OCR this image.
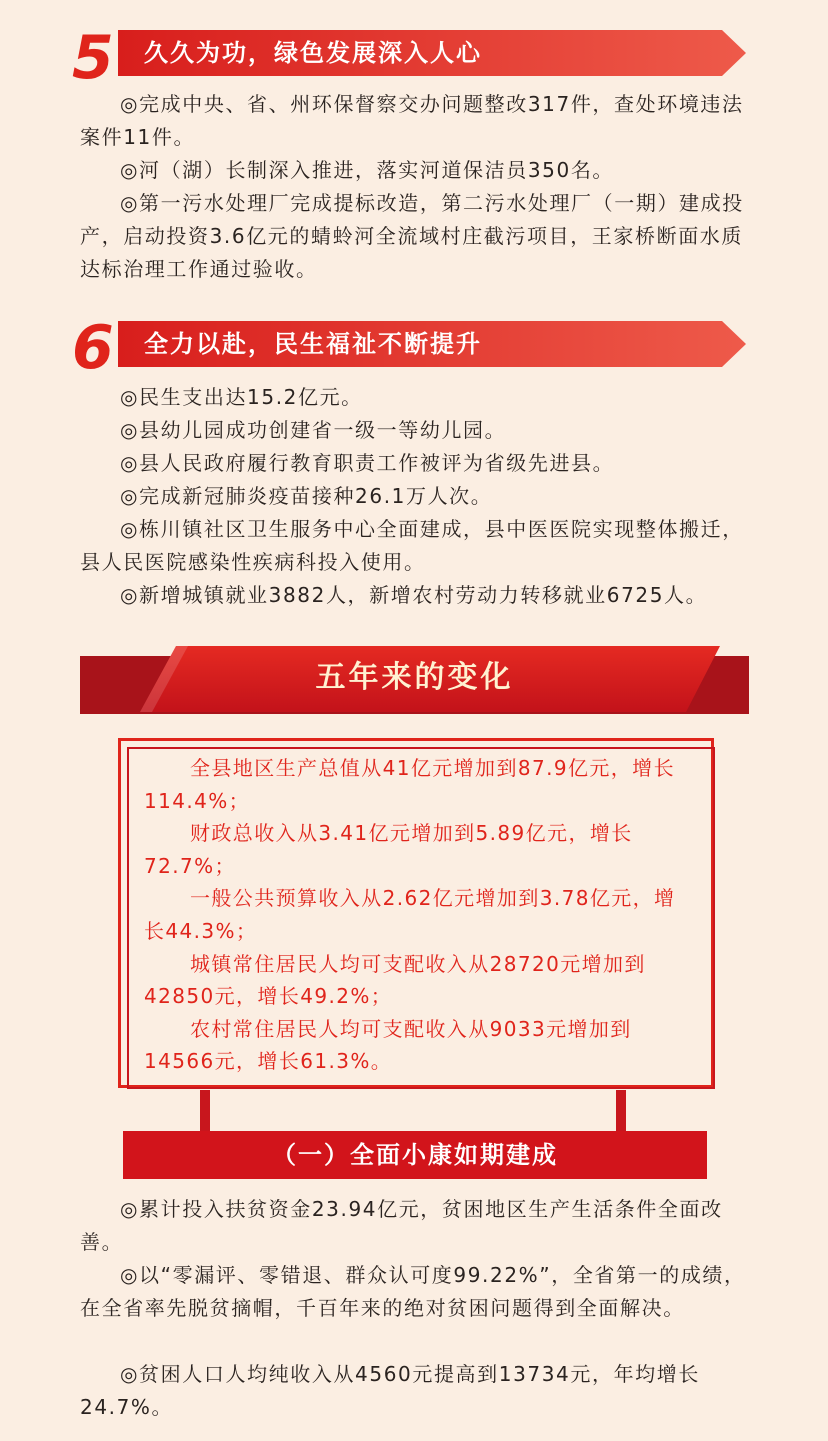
5 久久为功，绿色发展深入人心

◎完成中央、省、州环保督察交办问题整改317件，查处环境违法案件11件。

◎河（湖）长制深入推进，落实河道保洁员350名。

◎第一污水处理厂完成提标改造，第二污水处理厂（一期）建成投产，启动投资3.6亿元的蜻蛉河全流域村庄截污项目，王家桥断面水质达标治理工作通过验收。

6 全力以赴，民生福祉不断提升

◎民生支出达15.2亿元。

◎县幼儿园成功创建省一级一等幼儿园。

◎县人民政府履行教育职责工作被评为省级先进县。

◎完成新冠肺炎疫苗接种26.1万人次。

◎栋川镇社区卫生服务中心全面建成，县中医医院实现整体搬迁，县人民医院感染性疾病科投入使用。

◎新增城镇就业3882人，新增农村劳动力转移就业6725人。

五年来的变化

全县地区生产总值从41亿元增加到87.9亿元，增长114.4%；

财政总收入从3.41亿元增加到5.89亿元，增长72.7%；

一般公共预算收入从2.62亿元增加到3.78亿元，增长44.3%；

城镇常住居民人均可支配收入从28720元增加到42850元，增长49.2%；

农村常住居民人均可支配收入从9033元增加到14566元，增长61.3%。

（一）全面小康如期建成

◎累计投入扶贫资金23.94亿元，贫困地区生产生活条件全面改善。

◎以“零漏评、零错退、群众认可度99.22%”，全省第一的成绩，在全省率先脱贫摘帽，千百年来的绝对贫困问题得到全面解决。

◎贫困人口人均纯收入从4560元提高到13734元，年均增长24.7%。
